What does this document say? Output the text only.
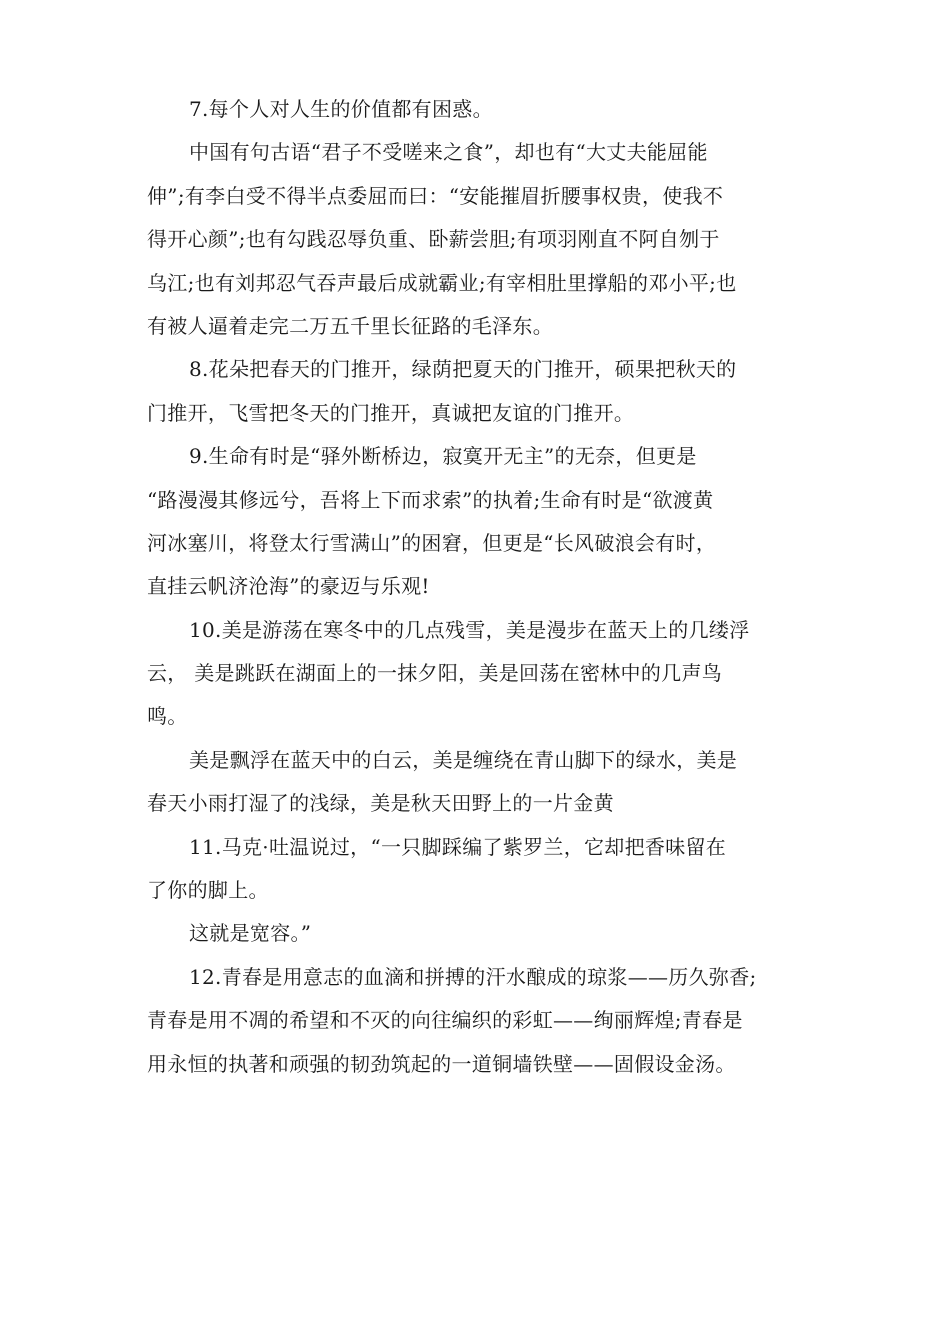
7.每个人对人生的价值都有困惑。
中国有句古语“君子不受嗟来之食”，却也有“大丈夫能屈能
伸”;有李白受不得半点委屈而曰：“安能摧眉折腰事权贵，使我不
得开心颜”;也有勾践忍辱负重、卧薪尝胆;有项羽刚直不阿自刎于
乌江;也有刘邦忍气吞声最后成就霸业;有宰相肚里撑船的邓小平;也
有被人逼着走完二万五千里长征路的毛泽东。
8.花朵把春天的门推开，绿荫把夏天的门推开，硕果把秋天的
门推开，飞雪把冬天的门推开，真诚把友谊的门推开。
9.生命有时是“驿外断桥边，寂寞开无主”的无奈，但更是
“路漫漫其修远兮，吾将上下而求索”的执着;生命有时是“欲渡黄
河冰塞川，将登太行雪满山”的困窘，但更是“长风破浪会有时，
直挂云帆济沧海”的豪迈与乐观!
10.美是游荡在寒冬中的几点残雪，美是漫步在蓝天上的几缕浮
云， 美是跳跃在湖面上的一抹夕阳，美是回荡在密林中的几声鸟
鸣。
美是飘浮在蓝天中的白云，美是缠绕在青山脚下的绿水，美是
春天小雨打湿了的浅绿，美是秋天田野上的一片金黄
11.马克·吐温说过，“一只脚踩编了紫罗兰，它却把香味留在
了你的脚上。
这就是宽容。”
12.青春是用意志的血滴和拼搏的汗水酿成的琼浆——历久弥香;
青春是用不凋的希望和不灭的向往编织的彩虹——绚丽辉煌;青春是
用永恒的执著和顽强的韧劲筑起的一道铜墙铁壁——固假设金汤。
